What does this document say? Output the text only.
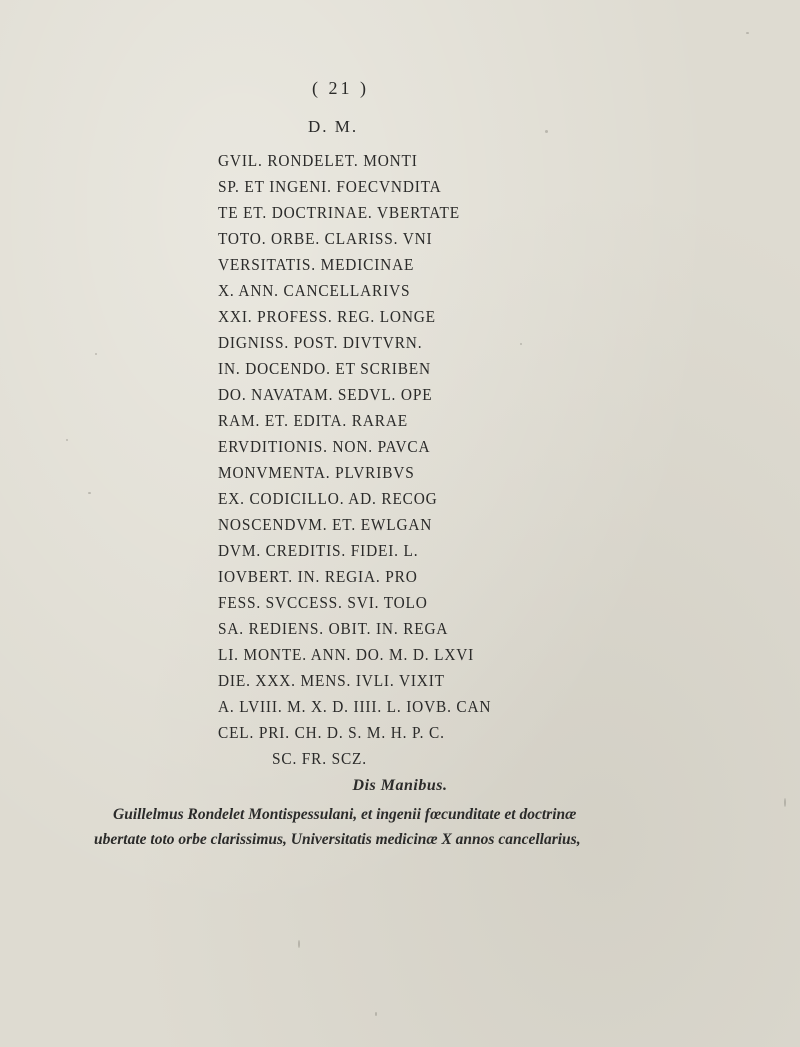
( 21 )
D. M.
GVIL. RONDELET. MONTI
SP. ET INGENI. FOECVNDITA
TE ET. DOCTRINAE. VBERTATE
TOTO. ORBE. CLARISS. VNI
VERSITATIS. MEDICINAE
X. ANN. CANCELLARIVS
XXI. PROFESS. REG. LONGE
DIGNISS. POST. DIVTVRN.
IN. DOCENDO. ET SCRIBEN
DO. NAVATAM. SEDVL. OPE
RAM. ET. EDITA. RARAE
ERVDITIONIS. NON. PAVCA
MONVMENTA. PLVRIBVS
EX. CODICILLO. AD. RECOG
NOSCENDVM. ET. EWLGAN
DVM. CREDITIS. FIDEI. L.
IOVBERT. IN. REGIA. PRO
FESS. SVCCESS. SVI. TOLO
SA. REDIENS. OBIT. IN. REGA
LI. MONTE. ANN. DO. M. D. LXVI
DIE. XXX. MENS. IVLI. VIXIT
A. LVIII. M. X. D. IIII. L. IOVB. CAN
CEL. PRI. CH. D. S. M. H. P. C.
SC. FR. SCZ.
Dis Manibus.
Guillelmus Rondelet Montispessulani, et ingenii fœcunditate et doctrinæ
ubertate toto orbe clarissimus, Universitatis medicinæ X annos cancellarius,
